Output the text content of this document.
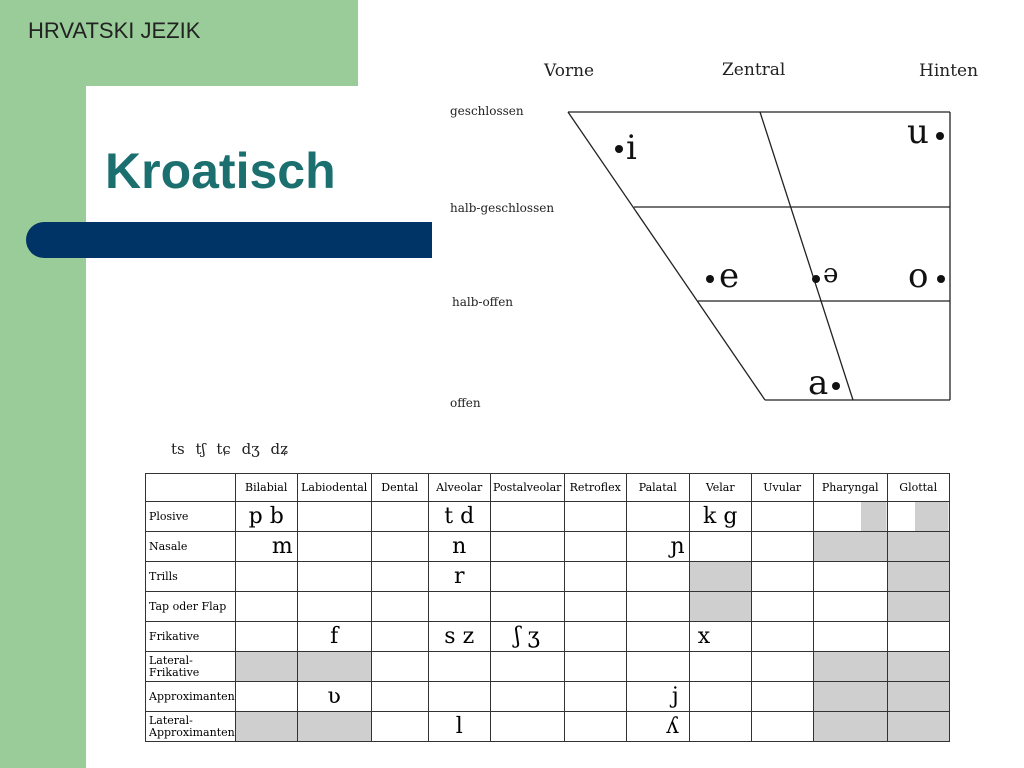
HRVATSKI JEZIK
Kroatisch
Vorne	Zentral	Hinten
geschlossen
halb-geschlossen
halb-offen
offen
i	u
e	ə o
a
ts tʃ tɕ dʒ dʑ
	Bilabial	Labiodental	Dental	Alveolar	Postalveolar	Retroflex	Palatal	Velar	Uvular	Pharyngal	Glottal
Plosive	p b			t d				k g			
Nasale	m			n			ɲ				
Trills				r							
Tap oder Flap											
Frikative		f		s z	ʃ ʒ			x			
Lateral-Frikative											
Approximanten		ʋ					j				
Lateral-Approximanten				l			ʎ				
